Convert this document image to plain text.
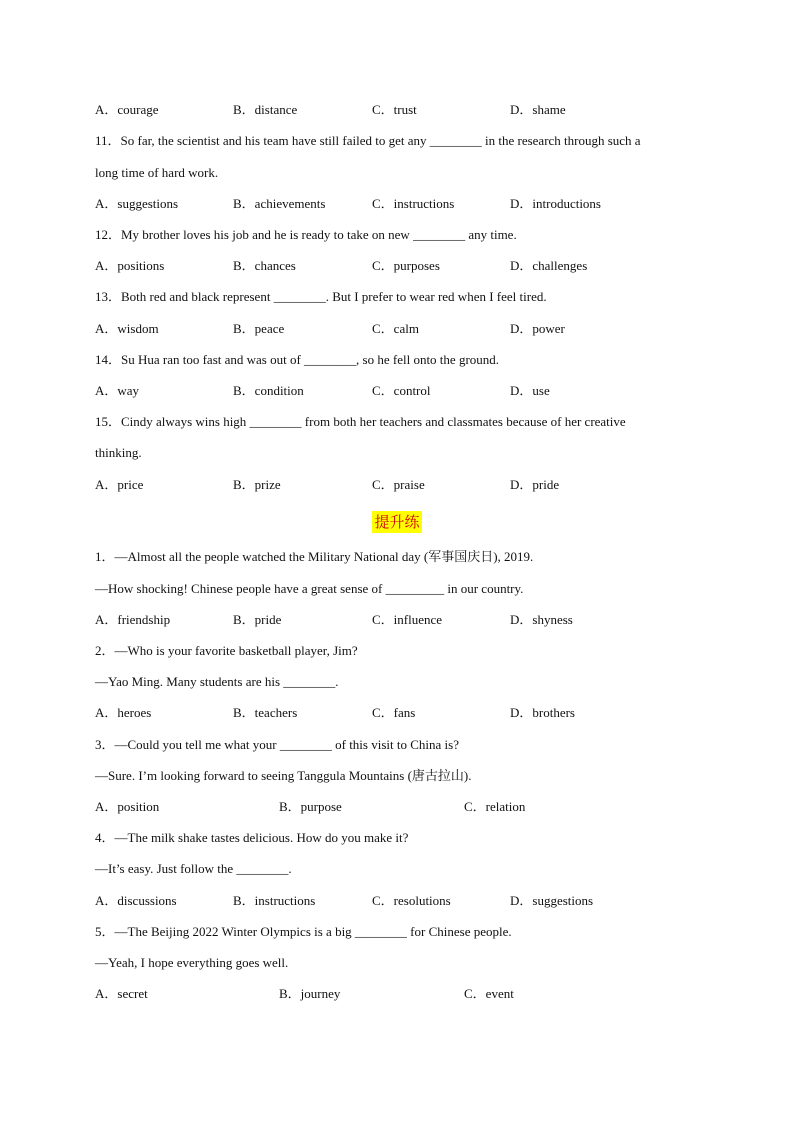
A．courage	B．distance	C．trust	D．shame
11．So far, the scientist and his team have still failed to get any ________ in the research through such a
long time of hard work.
A．suggestions	B．achievements	C．instructions	D．introductions
12．My brother loves his job and he is ready to take on new ________ any time.
A．positions	B．chances	C．purposes	D．challenges
13．Both red and black represent ________. But I prefer to wear red when I feel tired.
A．wisdom	B．peace	C．calm	D．power
14．Su Hua ran too fast and was out of ________, so he fell onto the ground.
A．way	B．condition	C．control	D．use
15．Cindy always wins high ________ from both her teachers and classmates because of her creative
thinking.
A．price	B．prize	C．praise	D．pride
提升练
1．—Almost all the people watched the Military National day (军事国庆日), 2019.
—How shocking! Chinese people have a great sense of _________ in our country.
A．friendship	B．pride	C．influence	D．shyness
2．—Who is your favorite basketball player, Jim?
—Yao Ming. Many students are his ________.
A．heroes	B．teachers	C．fans	D．brothers
3．—Could you tell me what your ________ of this visit to China is?
—Sure. I’m looking forward to seeing Tanggula Mountains (唐古拉山).
A．position	B．purpose	C．relation
4．—The milk shake tastes delicious. How do you make it?
—It’s easy. Just follow the ________.
A．discussions	B．instructions	C．resolutions	D．suggestions
5．—The Beijing 2022 Winter Olympics is a big ________ for Chinese people.
—Yeah, I hope everything goes well.
A．secret	B．journey	C．event
